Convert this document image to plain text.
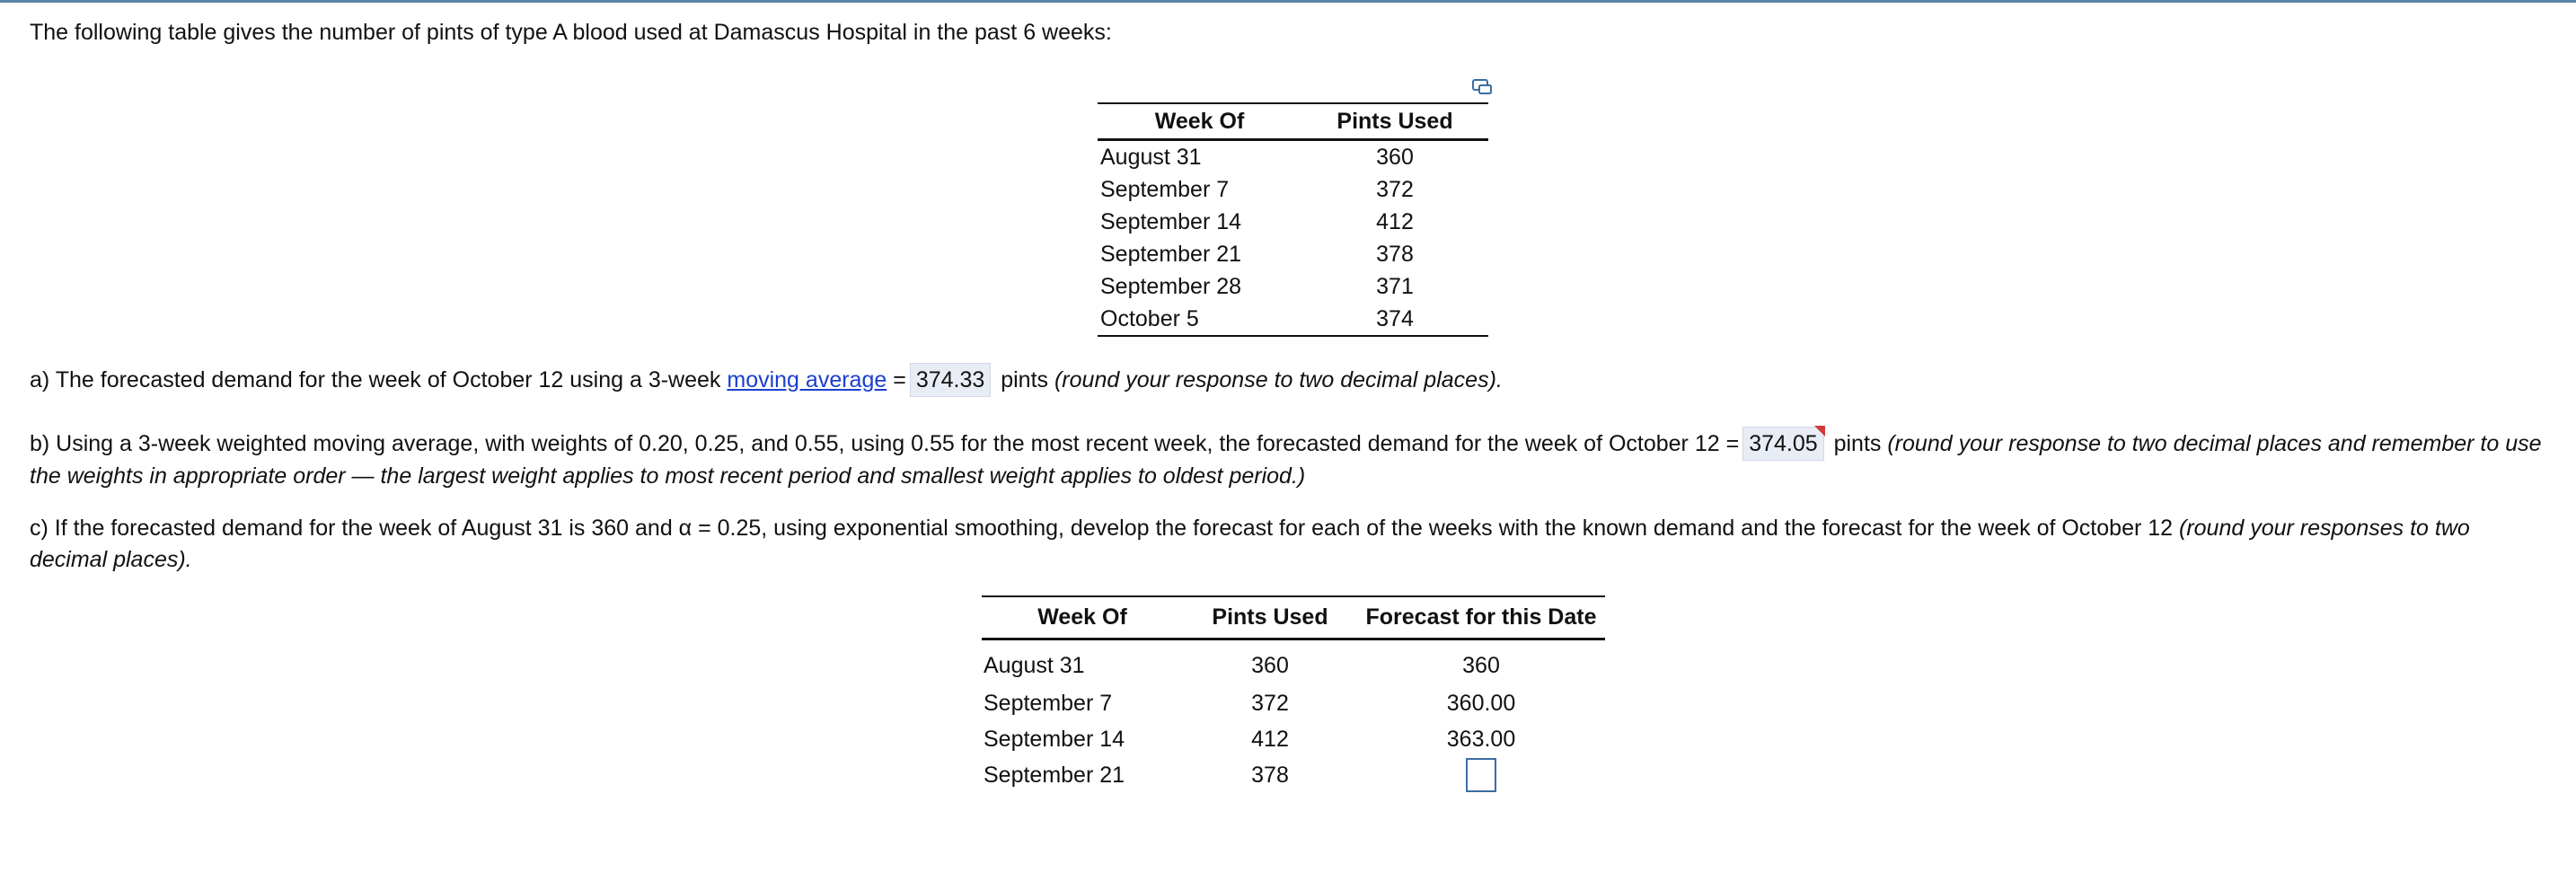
The following table gives the number of pints of type A blood used at Damascus Hospital in the past 6 weeks:
Week Of	Pints Used
August 31	360
September 7	372
September 14	412
September 21	378
September 28	371
October 5	374
a) The forecasted demand for the week of October 12 using a 3-week moving average = 374.33 pints (round your response to two decimal places).
b) Using a 3-week weighted moving average, with weights of 0.20, 0.25, and 0.55, using 0.55 for the most recent week, the forecasted demand for the week of October 12 = 374.05
pints (round your response to two decimal places and remember to use the weights in appropriate order — the largest weight applies to most recent period and smallest weight applies to oldest period.)
c) If the forecasted demand for the week of August 31 is 360 and α = 0.25, using exponential smoothing, develop the forecast for each of the weeks with the known demand and the forecast for the week of October 12 (round your responses to two decimal places).
Week Of	Pints Used	Forecast for this Date
August 31	360	360
September 7	372	360.00
September 14	412	363.00
September 21	378	
